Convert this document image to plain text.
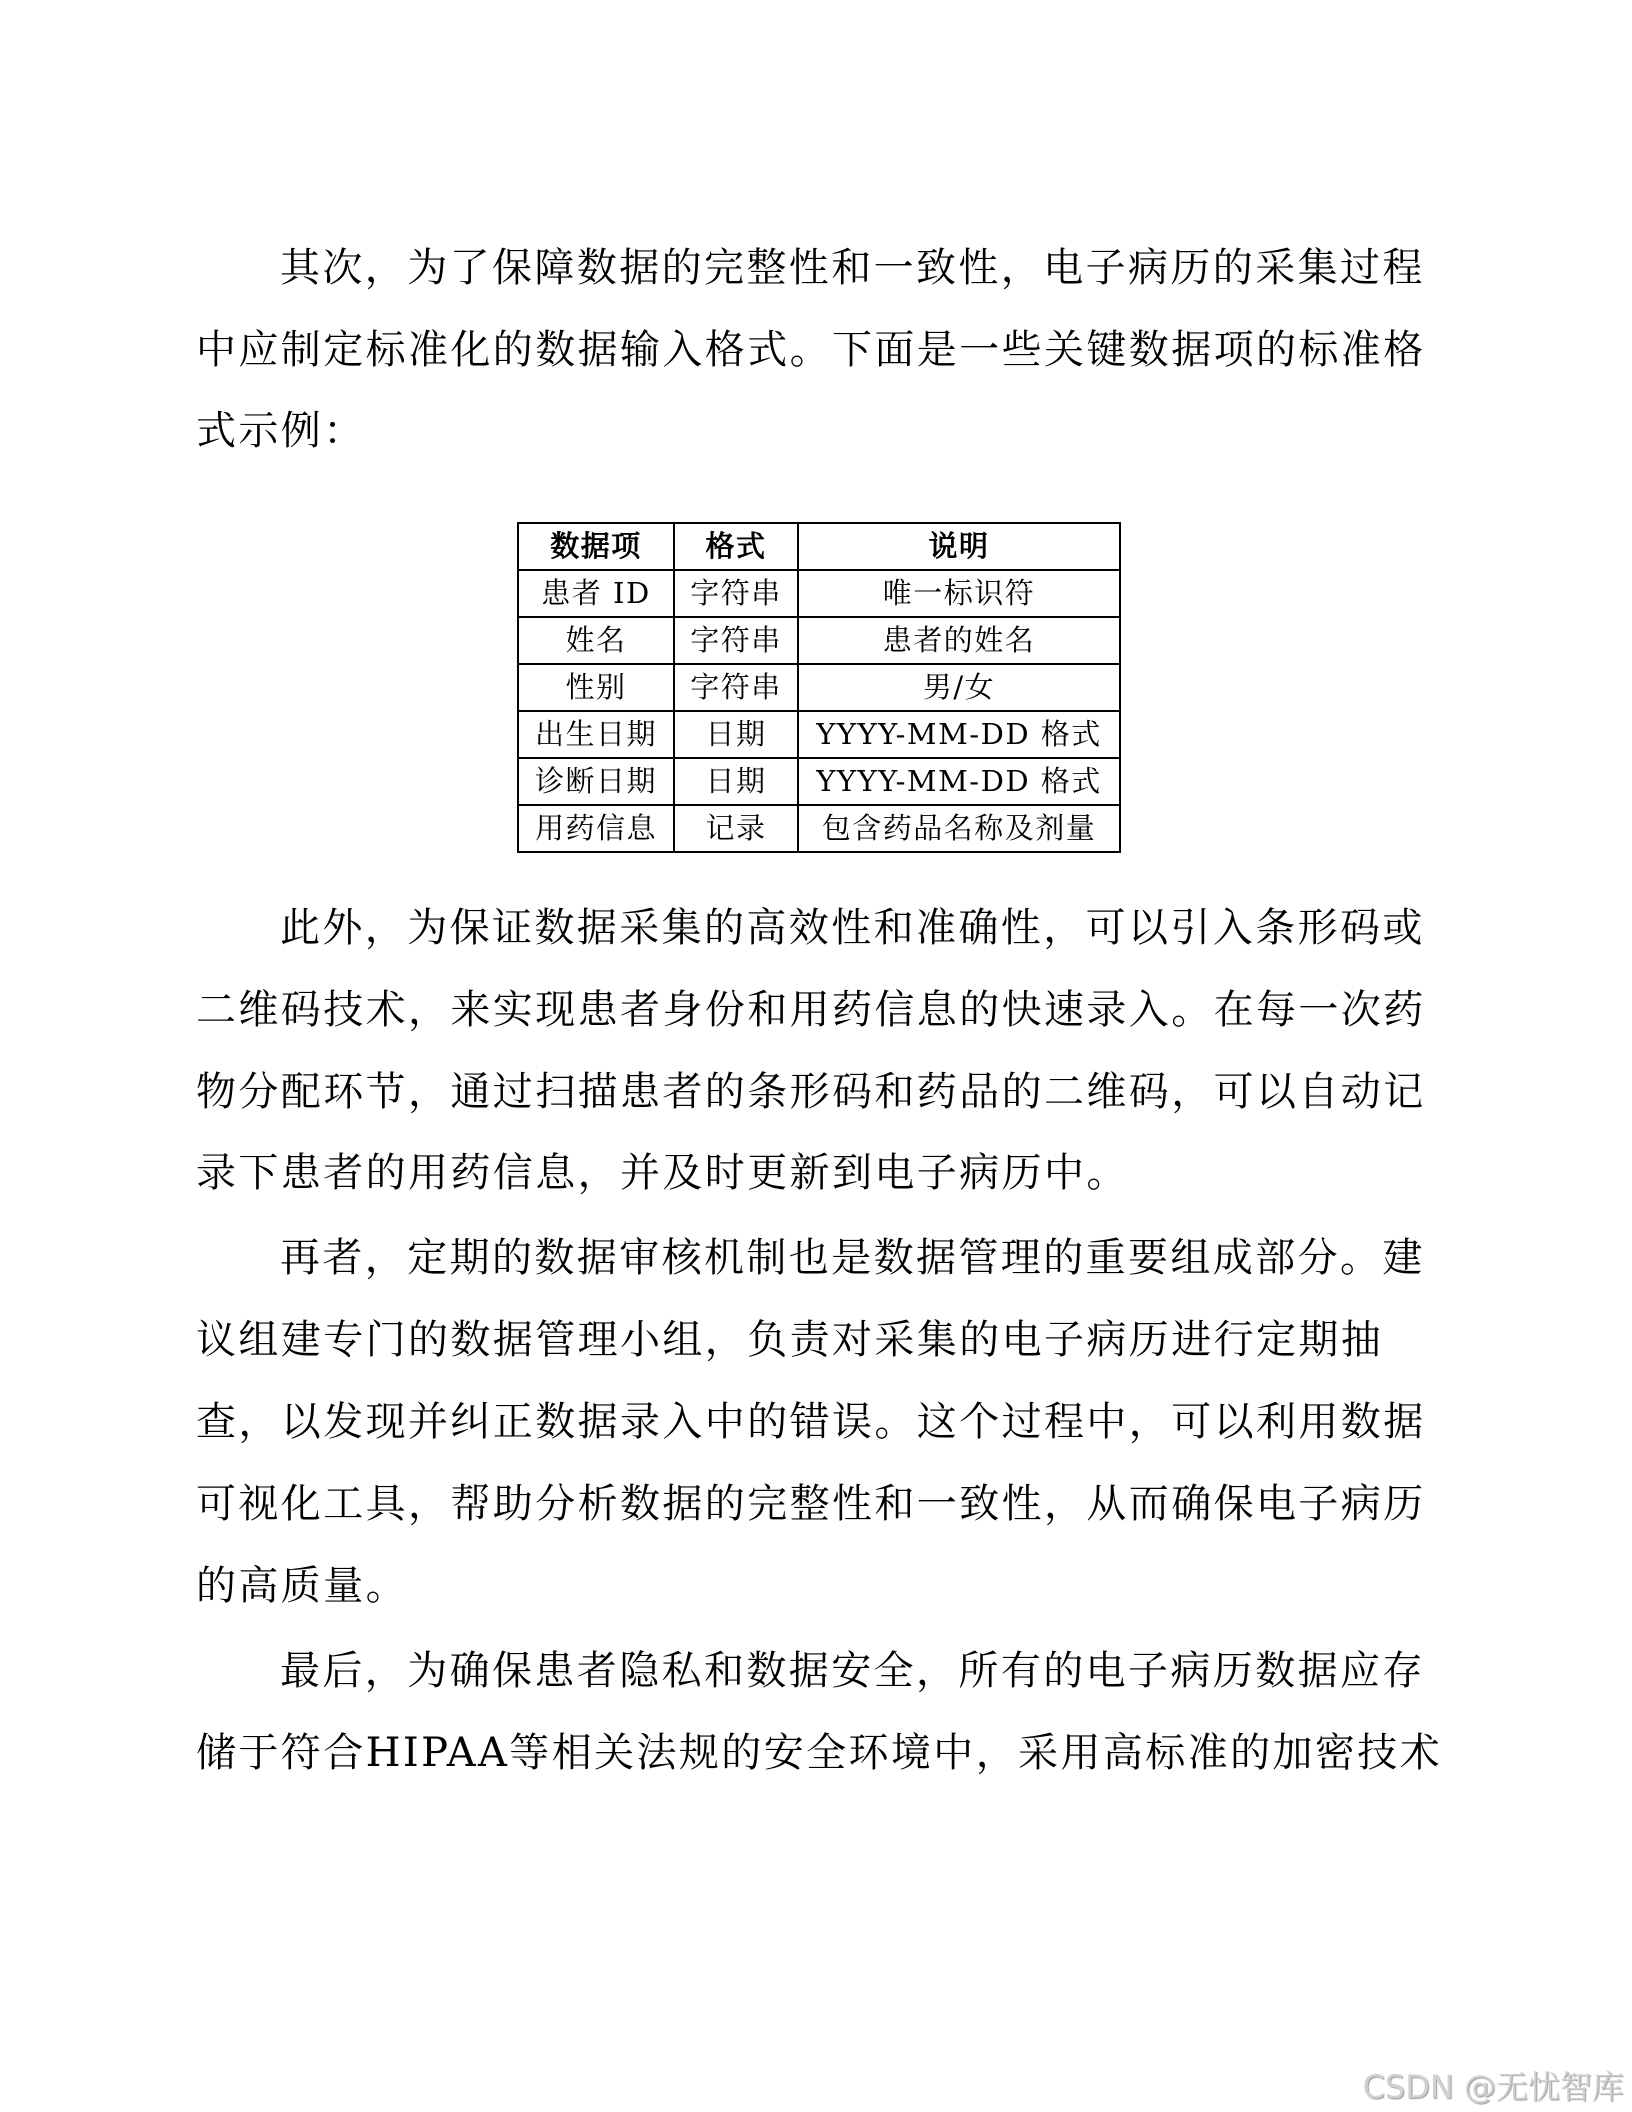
其次，为了保障数据的完整性和一致性，电子病历的采集过程
中应制定标准化的数据输入格式。下面是一些关键数据项的标准格
式示例：
数据项	格式	说明
患者 ID	字符串	唯一标识符
姓名	字符串	患者的姓名
性别	字符串	男/女
出生日期	日期	YYYY-MM-DD 格式
诊断日期	日期	YYYY-MM-DD 格式
用药信息	记录	包含药品名称及剂量
此外，为保证数据采集的高效性和准确性，可以引入条形码或
二维码技术，来实现患者身份和用药信息的快速录入。在每一次药
物分配环节，通过扫描患者的条形码和药品的二维码，可以自动记
录下患者的用药信息，并及时更新到电子病历中。
再者，定期的数据审核机制也是数据管理的重要组成部分。建
议组建专门的数据管理小组，负责对采集的电子病历进行定期抽
查，以发现并纠正数据录入中的错误。这个过程中，可以利用数据
可视化工具，帮助分析数据的完整性和一致性，从而确保电子病历
的高质量。
最后，为确保患者隐私和数据安全，所有的电子病历数据应存
储于符合HIPAA等相关法规的安全环境中，采用高标准的加密技术
CSDN @无忧智库
